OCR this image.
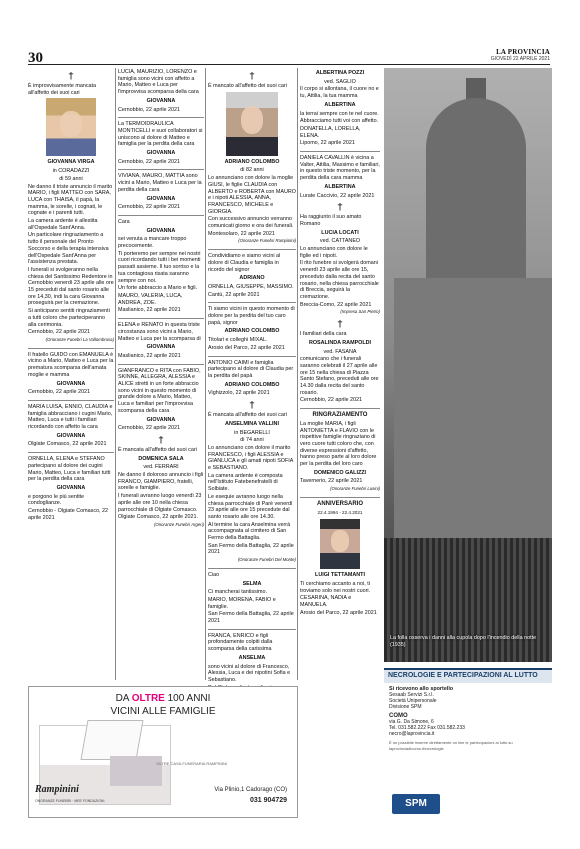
30	LA PROVINCIA
GIOVEDÌ 22 APRILE 2021
†
È improvvisamente mancata all'affetto dei suoi cari
GIOVANNA VIRGA
in CORADAZZI
di 59 anni
Ne danno il triste annuncio il marito MARIO, i figli MATTEO con SARA, LUCA con THAISA, il papà, la mamma, le sorelle, i cognati, le cognate e i parenti tutti.
La camera ardente è allestita all'Ospedale Sant'Anna.
Un particolare ringraziamento a tutto il personale del Pronto Soccorso e della terapia intensiva dell'Ospedale Sant'Anna per l'assistenza prestata.
I funerali si svolgeranno nella chiesa del Santissimo Redentore in Cernobbio venerdì 23 aprile alle ore 15 preceduti dal santo rosario alle ore 14,30, indi la cara Giovanna proseguirà per la cremazione.
Si anticipano sentiti ringraziamenti a tutti coloro che parteciperanno alla cerimonia.
Cernobbio, 22 aprile 2021
(Onoranze Funebri La Vallombrosa)
Il fratello GUIDO con EMANUELA è vicino a Mario, Matteo e Luca per la prematura scomparsa dell'amata moglie e mamma
GIOVANNA
Cernobbio, 22 aprile 2021
MARIA LUISA, ENNIO, CLAUDIA e famiglia abbracciano i cugini Mario, Matteo, Luca e tutti i familiari ricordando con affetto la cara
GIOVANNA
Olgiate Comasco, 22 aprile 2021
ORNELLA, ELENA e STEFANO partecipano al dolore dei cugini Mario, Matteo, Luca e familiari tutti per la perdita della cara
GIOVANNA
e porgono le più sentite condoglianze.
Cernobbio - Olgiate Comasco, 22 aprile 2021
LUCIA, MAURIZIO, LORENZO e famiglia sono vicini con affetto a Mario, Matteo e Luca per l'improvvisa scomparsa della cara
GIOVANNA
Cernobbio, 22 aprile 2021
La TERMOIDRAULICA MONTICELLI e suoi collaboratori si uniscono al dolore di Matteo e famiglia per la perdita della cara
GIOVANNA
Cernobbio, 22 aprile 2021
VIVIANA, MAURO, MATTIA sono vicini a Mario, Matteo e Luca per la perdita della cara
GIOVANNA
Cernobbio, 22 aprile 2021
Cara
GIOVANNA
sei venuta a mancare troppo precocemente.
Ti porteremo per sempre nei nostri cuori ricordando tutti i bei momenti passati assieme. Il tuo sorriso e la tua contagiosa risata saranno sempre con noi.
Un forte abbraccio a Mario e figli.
MAURO, VALERIA, LUCA, ANDREA, ZOE.
Maslianico, 22 aprile 2021
ELENA e RENATO in questa triste circostanza sono vicini a Mario, Matteo e Luca per la scomparsa di
GIOVANNA
Maslianico, 22 aprile 2021
GIANFRANCO e RITA con FABIO, SKINNE, ALLEGRA, ALESSIA e ALICE stretti in un forte abbraccio sono vicini in questo momento di grande dolore a Mario, Matteo, Luca e familiari per l'improvvisa scomparsa della cara
GIOVANNA
Cernobbio, 22 aprile 2021
†
È mancata all'affetto dei suoi cari
DOMENICA SALA
ved. FERRARI
Ne danno il doloroso annuncio i figli FRANCO, GIAMPIERO, fratelli, sorelle e famiglie.
I funerali avranno luogo venerdì 23 aprile alle ore 10 nella chiesa parrocchiale di Olgiate Comasco.
Olgiate Comasco, 22 aprile 2021.
(Onoranze Funebri Argeri)
†
È mancato all'affetto dei suoi cari
ADRIANO COLOMBO
di 82 anni
Lo annunciano con dolore la moglie GIUSI, le figlie CLAUDIA con ALBERTO e ROBERTA con MAURO e i nipoti ALESSIA, ANNA, FRANCESCO, MICHELE e GIORGIA.
Con successivo annuncio verranno comunicati giorno e ora dei funerali.
Montesolaro, 22 aprile 2021
(Onoranze Funebri Rampinini)
Condividiamo e siamo vicini al dolore di Claudia e famiglia in ricordo del signor
ADRIANO
ORNELLA, GIUSEPPE, MASSIMO.
Cantù, 22 aprile 2021
Ti siamo vicini in questo momento di dolore per la perdita del tuo caro papà, signor
ADRIANO COLOMBO
Titolari e colleghi MIXAL.
Arosio del Parco, 22 aprile 2021
ANTONIO CAIMI e famiglia partecipano al dolore di Claudia per la perdita del papà
ADRIANO COLOMBO
Vighizzolo, 22 aprile 2021
†
È mancata all'affetto dei suoi cari
ANSELMINA VALLINI
in BEGARELLI
di 74 anni
Lo annunciano con dolore il marito FRANCESCO, i figli ALESSIA e GIANLUCA e gli amati nipoti SOFIA e SEBASTIANO.
La camera ardente è composta nell'Istituto Fatebenefratelli di Solbiate.
Le esequie avranno luogo nella chiesa parrocchiale di Parè venerdì 23 aprile alle ore 15 precedute dal santo rosario alle ore 14.30.
Al termine la cara Anselmina verrà accompagnata al cimitero di San Fermo della Battaglia.
San Fermo della Battaglia, 22 aprile 2021
(Onoranze Funebri Del Monte)
Ciao
SELMA
Ci mancherai tantissimo.
MARIO, MORENA, FABIO e famiglie.
San Fermo della Battaglia, 22 aprile 2021
FRANCA, ENRICO e figli profondamente colpiti dalla scomparsa della carissima
ANSELMA
sono vicini al dolore di Francesco, Alessia, Luca e dei nipotini Sofia e Sebastiano.
ALBERTINA POZZI
ved. SAGLIO
Il corpo si allontana, il cuore no e tu, Attilia, la tua mamma
ALBERTINA
la terrai sempre con te nel cuore.
Abbracciamo tutti voi con affetto.
DONATELLA, LORELLA, ELENA.
Lipomo, 22 aprile 2021
DANIELA CAVALLIN è vicina a Valter, Attilia, Massimo e familiari, in questo triste momento, per la perdita della cara mamma
ALBERTINA
Lurate Caccivio, 22 aprile 2021
†
Ha raggiunto il suo amato Romano
LUCIA LOCATI
ved. CATTANEO
Lo annunciano con dolore le figlie ed i nipoti.
Il rito funebre si svolgerà domani venerdì 23 aprile alle ore 15, preceduto dalla recita del santo rosario, nella chiesa parrocchiale di Breccia, seguirà la cremazione.
Breccia-Como, 22 aprile 2021
(Impresa San Pietro)
†
I familiari della cara
ROSALINDA RAMPOLDI
ved. FASANA
comunicano che i funerali saranno celebrati il 27 aprile alle ore 15 nella chiesa di Piazza Santo Stefano, preceduti alle ore 14.30 dalla recita del santo rosario.
Cernobbio, 22 aprile 2021
RINGRAZIAMENTO
La moglie MARIA, i figli ANTONIETTA e FLAVIO con le rispettive famiglie ringraziano di vero cuore tutti coloro che, con diverse espressioni d'affetto, hanno preso parte al loro dolore per la perdita del loro caro
DOMENICO GALIZZI
Tavernerio, 22 aprile 2021
(Onoranze Funebri Lusini)
ANNIVERSARIO
22.4.1994 - 22.4.2021
LUIGI TETTAMANTI
Ti cerchiamo accanto a noi, ti troviamo solo nei nostri cuori.
CESARINA, NADIA e MANUELA.
Arosio del Parco, 22 aprile 2021
La folla osserva i danni alla cupola dopo l'incendio della notte (1935)
DA OLTRE 100 ANNI
VICINI ALLE FAMIGLIE
OLTRE CASA FUNERARIA RAMPININI
Rampinini
ONORANZE FUNEBRI · MEE FONDAZIONI
Via Plinio,1 Cadorago (CO)
031 904729
NECROLOGIE E PARTECIPAZIONI AL LUTTO
Si ricevono allo sportello
Sesaab Servizi S.r.l.
Società Unipersonale
Divisione SPM
COMO
via G. Da Simone, 6
Tel. 031.582.222 Fax 031.582.233
necro@laprovincia.it
È un possibile inserire direttamente on line le partecipazioni al lutto su laprovinciadicomo.it/necrologie
SPM
